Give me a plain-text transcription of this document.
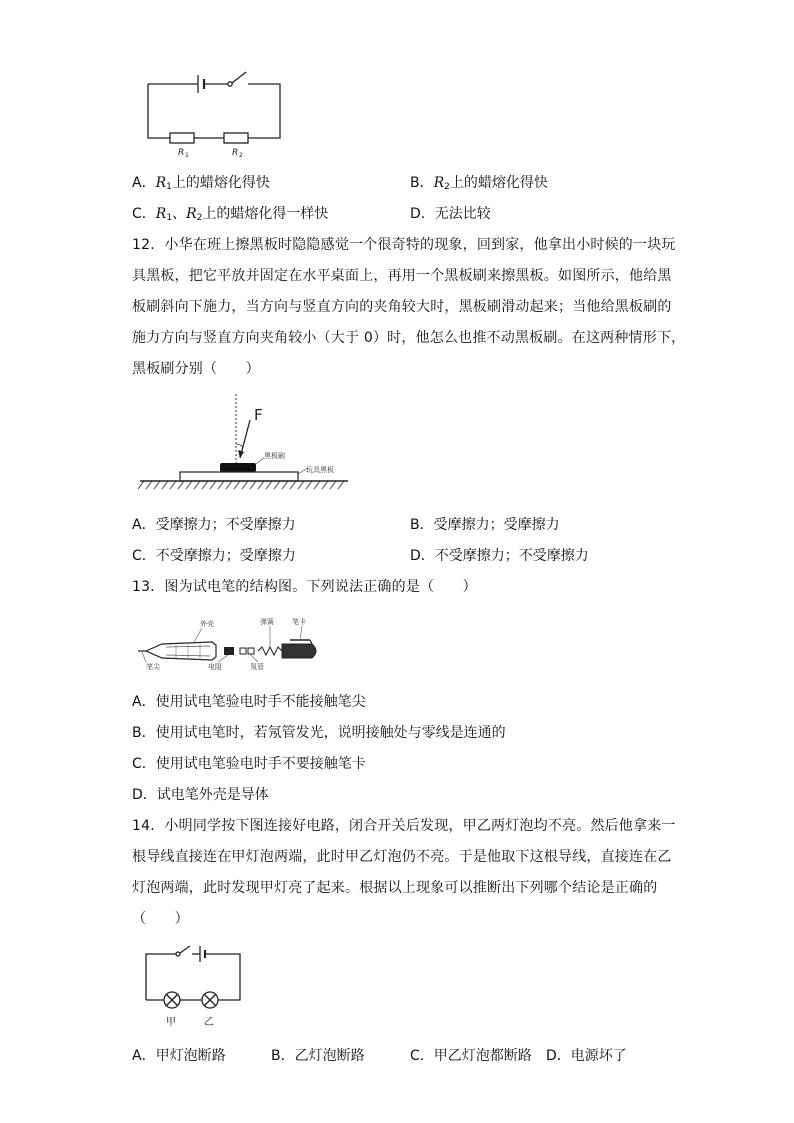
R 1	R 2
A．$R_1$上的蜡熔化得快	B．$R_2$上的蜡熔化得快
C．$R_1$、$R_2$上的蜡熔化得一样快	D．无法比较
12．小华在班上擦黑板时隐隐感觉一个很奇特的现象，回到家，他拿出小时候的一块玩
具黑板，把它平放并固定在水平桌面上，再用一个黑板刷来擦黑板。如图所示，他给黑
板刷斜向下施力，当方向与竖直方向的夹角较大时，黑板刷滑动起来；当他给黑板刷的
施力方向与竖直方向夹角较小（大于 0）时，他怎么也推不动黑板刷。在这两种情形下，
黑板刷分别（　　）
F
黑板刷
玩具黑板
A．受摩擦力；不受摩擦力	B．受摩擦力；受摩擦力
C．不受摩擦力；受摩擦力	D．不受摩擦力；不受摩擦力
13．图为试电笔的结构图。下列说法正确的是（　　）
外壳	弹簧	笔卡
笔尖	电阻	氖管
A．使用试电笔验电时手不能接触笔尖
B．使用试电笔时，若氖管发光，说明接触处与零线是连通的
C．使用试电笔验电时手不要接触笔卡
D．试电笔外壳是导体
14．小明同学按下图连接好电路，闭合开关后发现，甲乙两灯泡均不亮。然后他拿来一
根导线直接连在甲灯泡两端，此时甲乙灯泡仍不亮。于是他取下这根导线，直接连在乙
灯泡两端，此时发现甲灯亮了起来。根据以上现象可以推断出下列哪个结论是正确的
（　　）
甲	乙
A．甲灯泡断路	B．乙灯泡断路	C．甲乙灯泡都断路 D．电源坏了
